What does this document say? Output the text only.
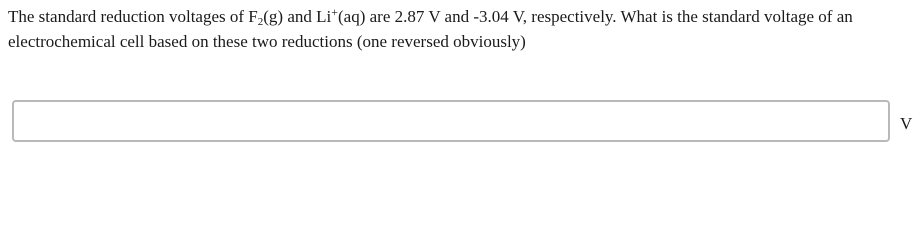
The standard reduction voltages of $F_2(g)$ and Li+(aq) are 2.87 V and -3.04 V, respectively. What is the standard voltage of an electrochemical cell based on these two reductions (one reversed obviously)

V
